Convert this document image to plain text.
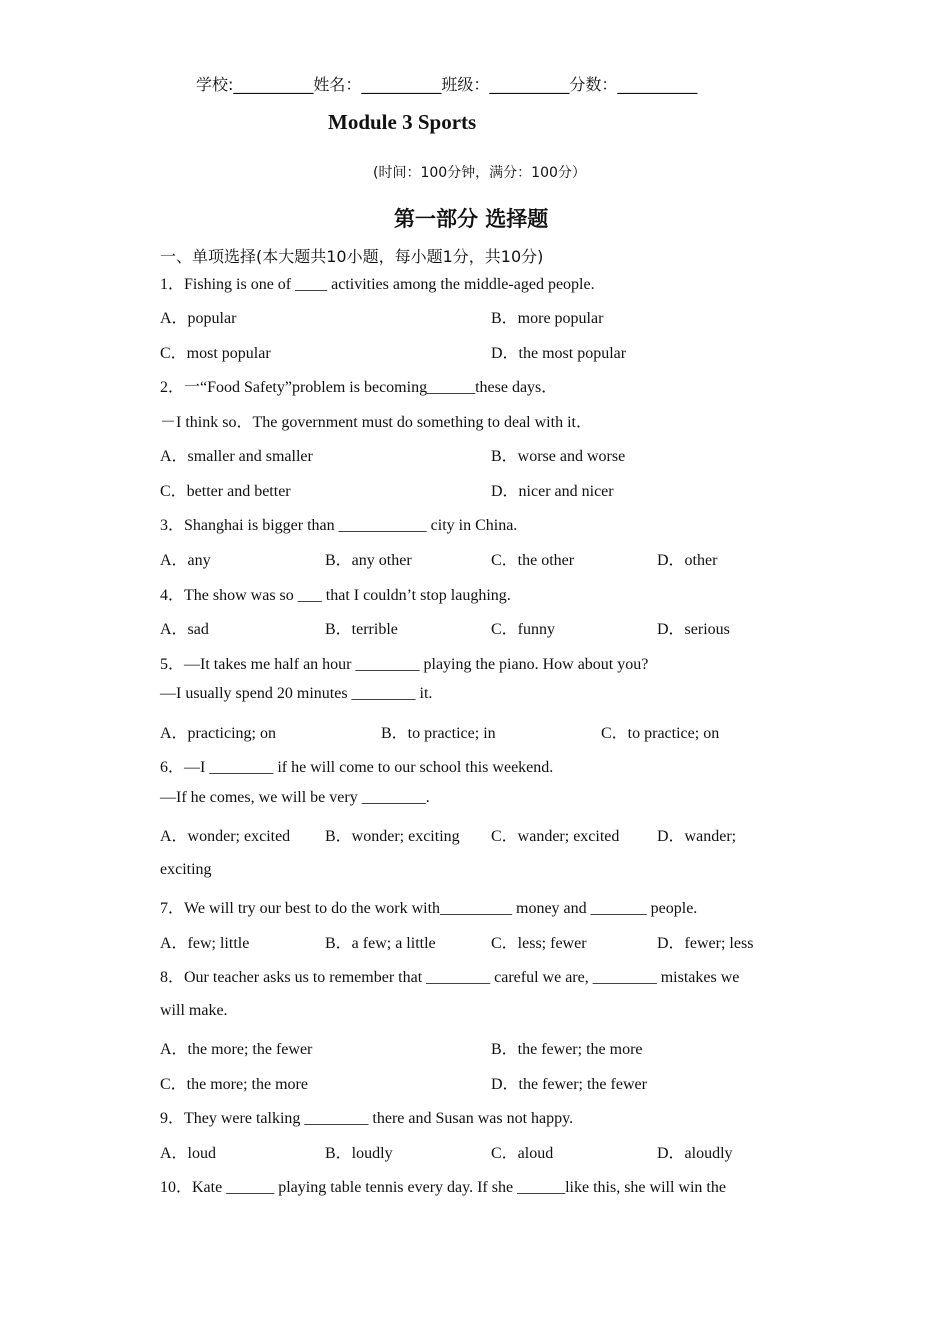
学校:__________姓名：__________班级：__________分数：__________
Module 3 Sports
(时间：100分钟，满分：100分）
第一部分 选择题
一、单项选择(本大题共10小题，每小题1分，共10分)
1．Fishing is one of ____ activities among the middle-aged people.
A．popular	B．more popular
C．most popular	D．the most popular
2．一“Food Safety”problem is becoming______these days．
－I think so．The government must do something to deal with it．
A．smaller and smaller	B．worse and worse
C．better and better	D．nicer and nicer
3．Shanghai is bigger than ___________ city in China.
A．any	B．any other	C．the other	D．other
4．The show was so ___ that I couldn’t stop laughing.
A．sad	B．terrible	C．funny	D．serious
5．—It takes me half an hour ________ playing the piano. How about you?
—I usually spend 20 minutes ________ it.
A．practicing; on	B．to practice; in	C．to practice; on
6．—I ________ if he will come to our school this weekend.
—If he comes, we will be very ________.
A．wonder; excited B．wonder; exciting C．wander; excited D．wander;
exciting
7．We will try our best to do the work with_________ money and _______ people.
A．few; little	B．a few; a little	C．less; fewer	D．fewer; less
8．Our teacher asks us to remember that ________ careful we are, ________ mistakes we
will make.
A．the more; the fewer	B．the fewer; the more
C．the more; the more	D．the fewer; the fewer
9．They were talking ________ there and Susan was not happy.
A．loud	B．loudly	C．aloud	D．aloudly
10．Kate ______ playing table tennis every day. If she ______like this, she will win the
